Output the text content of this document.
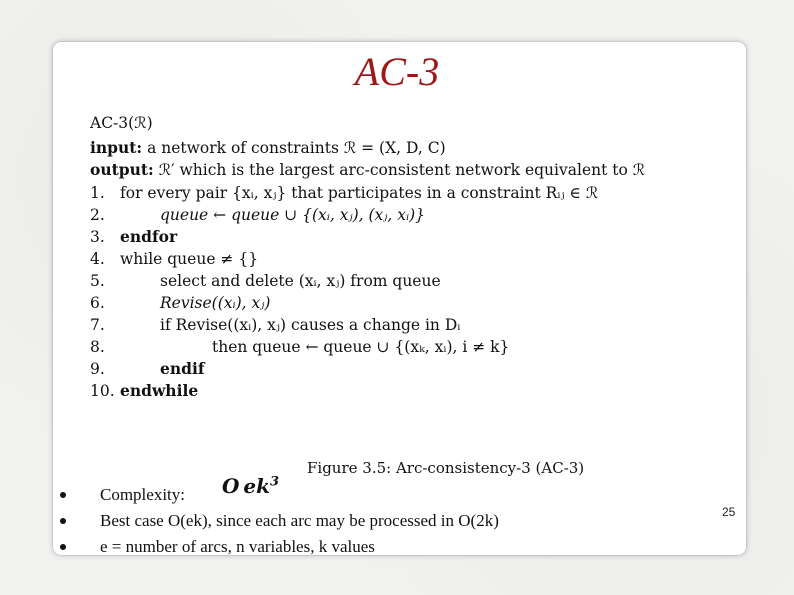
AC-3
AC-3(ℛ)
input: a network of constraints ℛ = (X, D, C)
output: ℛ′ which is the largest arc-consistent network equivalent to ℛ
1. for every pair {xᵢ, xⱼ} that participates in a constraint Rᵢⱼ ∈ ℛ
2.	queue ← queue ∪ {(xᵢ, xⱼ), (xⱼ, xᵢ)}
3. endfor
4. while queue ≠ {}
5.	select and delete (xᵢ, xⱼ) from queue
6.	Revise((xᵢ), xⱼ)
7.	if Revise((xᵢ), xⱼ) causes a change in Dᵢ
8.	then queue ← queue ∪ {(xₖ, xᵢ), i ≠ k}
9.	endif
10. endwhile
Figure 3.5: Arc-consistency-3 (AC-3)
O $ek^3$
Complexity:
Best case O(ek), since each arc may be processed in O(2k)
e = number of arcs, n variables, k values
25
